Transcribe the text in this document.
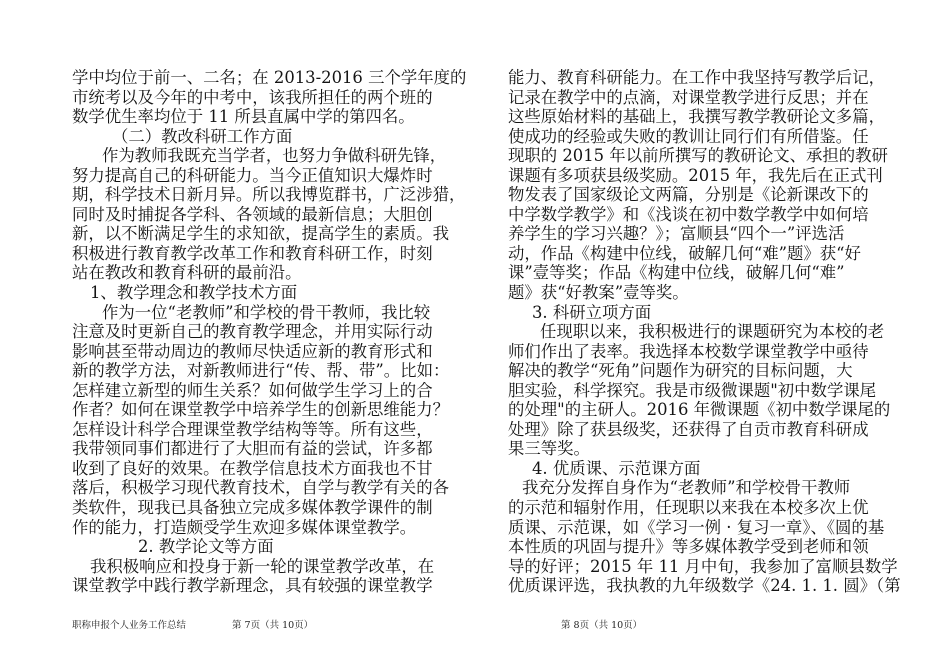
学中均位于前一、二名；在 2013-2016 三个学年度的
市统考以及今年的中考中，该我所担任的两个班的
数学优生率均位于 11 所县直属中学的第四名。
（二）教改科研工作方面
作为教师我既充当学者，也努力争做科研先锋，
努力提高自己的科研能力。当今正值知识大爆炸时
期，科学技术日新月异。所以我博览群书，广泛涉猎，
同时及时捕捉各学科、各领域的最新信息；大胆创
新，以不断满足学生的求知欲，提高学生的素质。我
积极进行教育教学改革工作和教育科研工作，时刻
站在教改和教育科研的最前沿。
1、教学理念和教学技术方面
作为一位“老教师”和学校的骨干教师，我比较
注意及时更新自己的教育教学理念，并用实际行动
影响甚至带动周边的教师尽快适应新的教育形式和
新的教学方法，对新教师进行“传、帮、带”。比如：
怎样建立新型的师生关系？如何做学生学习上的合
作者？如何在课堂教学中培养学生的创新思维能力？
怎样设计科学合理课堂教学结构等等。所有这些，
我带领同事们都进行了大胆而有益的尝试，许多都
收到了良好的效果。在教学信息技术方面我也不甘
落后，积极学习现代教育技术，自学与教学有关的各
类软件，现我已具备独立完成多媒体教学课件的制
作的能力，打造颇受学生欢迎多媒体课堂教学。
2. 教学论文等方面
我积极响应和投身于新一轮的课堂教学改革，在
课堂教学中践行教学新理念，具有较强的课堂教学
能力、教育科研能力。在工作中我坚持写教学后记，
记录在教学中的点滴，对课堂教学进行反思；并在
这些原始材料的基础上，我撰写教学教研论文多篇，
使成功的经验或失败的教训让同行们有所借鉴。任
现职的 2015 年以前所撰写的教研论文、承担的教研
课题有多项获县级奖励。2015 年，我先后在正式刊
物发表了国家级论文两篇，分别是《论新课改下的
中学数学教学》和《浅谈在初中数学教学中如何培
养学生的学习兴趣？》；富顺县“四个一”评选活
动，作品《构建中位线，破解几何“难”题》获“好
课”壹等奖；作品《构建中位线，破解几何“难”
题》获“好教案”壹等奖。
3. 科研立项方面
任现职以来，我积极进行的课题研究为本校的老
师们作出了表率。我选择本校数学课堂教学中亟待
解决的教学“死角”问题作为研究的目标问题，大
胆实验，科学探究。我是市级微课题"初中数学课尾
的处理"的主研人。2016 年微课题《初中数学课尾的
处理》除了获县级奖，还获得了自贡市教育科研成
果三等奖。
4. 优质课、示范课方面
我充分发挥自身作为“老教师”和学校骨干教师
的示范和辐射作用，任现职以来我在本校多次上优
质课、示范课，如《学习一例 · 复习一章》、《圆的基
本性质的巩固与提升》等多媒体教学受到老师和领
导的好评；2015 年 11 月中旬，我参加了富顺县数学
优质课评选，我执教的九年级数学《24. 1. 1. 圆》（第
职称申报个人业务工作总结	第 7页（共 10页）	第 8页（共 10页）
